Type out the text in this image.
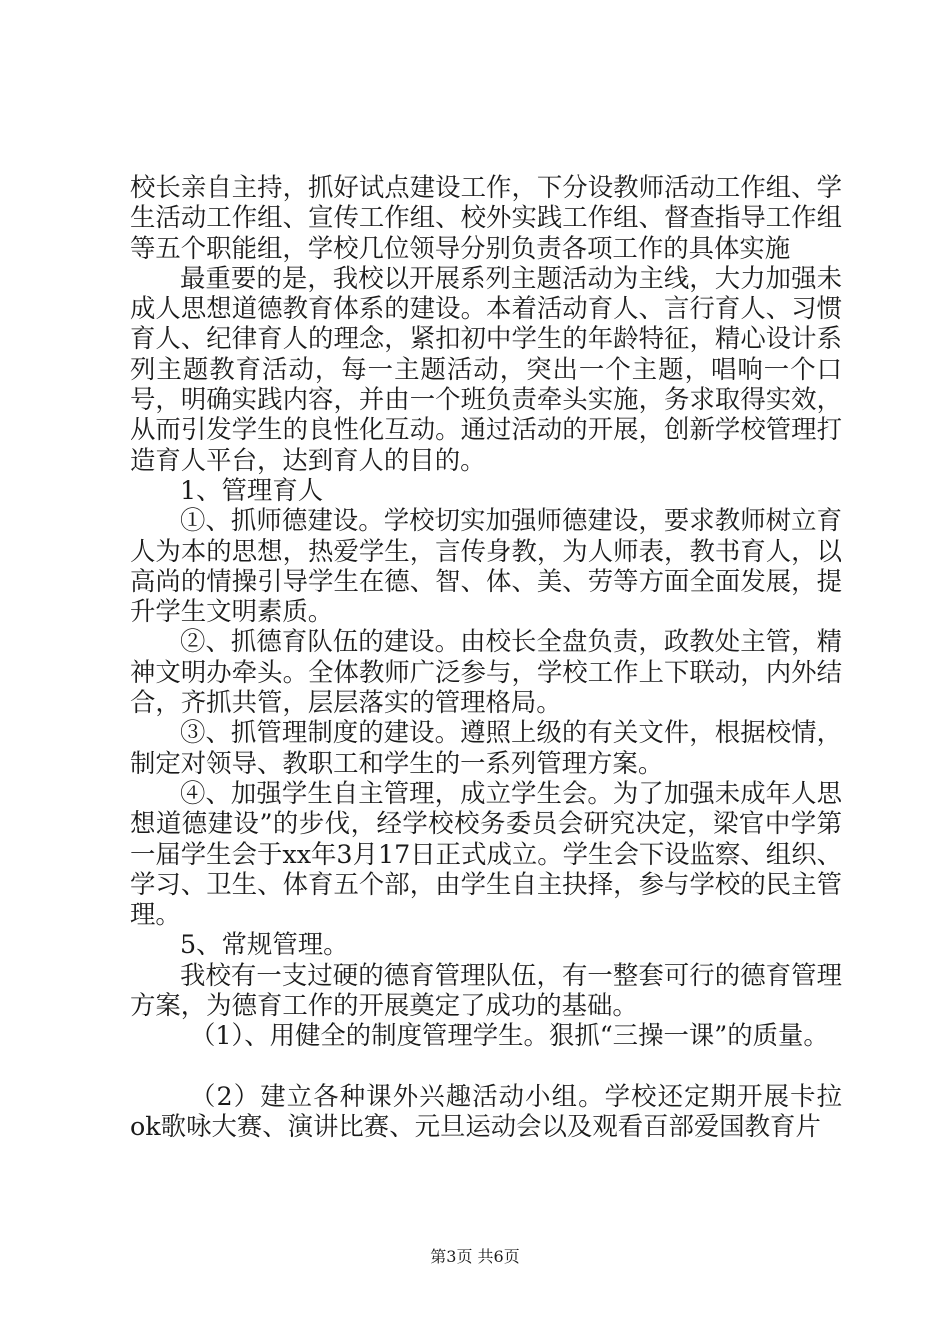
校长亲自主持，抓好试点建设工作，下分设教师活动工作组、学生活动工作组、宣传工作组、校外实践工作组、督查指导工作组等五个职能组，学校几位领导分别负责各项工作的具体实施

最重要的是，我校以开展系列主题活动为主线，大力加强未成人思想道德教育体系的建设。本着活动育人、言行育人、习惯育人、纪律育人的理念，紧扣初中学生的年龄特征，精心设计系列主题教育活动，每一主题活动，突出一个主题，唱响一个口号，明确实践内容，并由一个班负责牵头实施，务求取得实效，从而引发学生的良性化互动。通过活动的开展，创新学校管理打造育人平台，达到育人的目的。

1、管理育人

①、抓师德建设。学校切实加强师德建设，要求教师树立育人为本的思想，热爱学生，言传身教，为人师表，教书育人，以高尚的情操引导学生在德、智、体、美、劳等方面全面发展，提升学生文明素质。

②、抓德育队伍的建设。由校长全盘负责，政教处主管，精神文明办牵头。全体教师广泛参与，学校工作上下联动，内外结合，齐抓共管，层层落实的管理格局。

③、抓管理制度的建设。遵照上级的有关文件，根据校情，制定对领导、教职工和学生的一系列管理方案。

④、加强学生自主管理，成立学生会。为了加强未成年人思想道德建设”的步伐，经学校校务委员会研究决定，梁官中学第一届学生会于xx年3月17日正式成立。学生会下设监察、组织、学习、卫生、体育五个部，由学生自主抉择，参与学校的民主管理。

5、常规管理。

我校有一支过硬的德育管理队伍，有一整套可行的德育管理方案，为德育工作的开展奠定了成功的基础。

（1）、用健全的制度管理学生。狠抓“三操一课”的质量。

（2）建立各种课外兴趣活动小组。学校还定期开展卡拉ok歌咏大赛、演讲比赛、元旦运动会以及观看百部爱国教育片

第3页 共6页
